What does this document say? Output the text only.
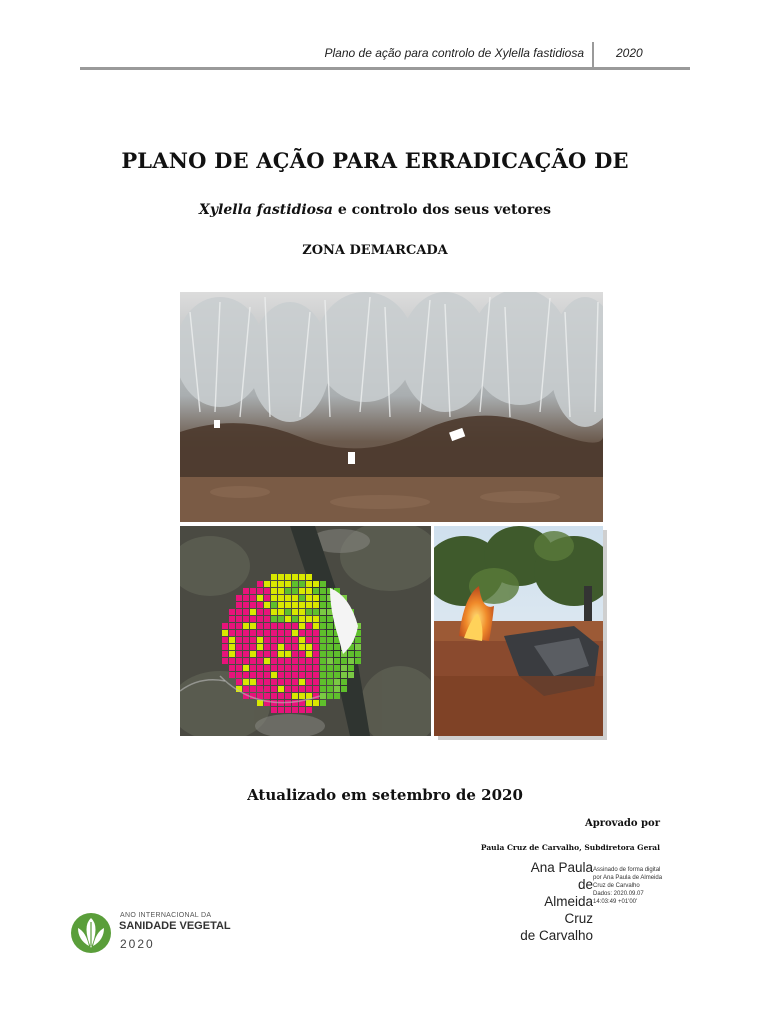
Plano de ação para controlo de Xylella fastidiosa	2020
PLANO DE AÇÃO PARA ERRADICAÇÃO DE
Xylella fastidiosa e controlo dos seus vetores
ZONA DEMARCADA
Atualizado em setembro de 2020
Aprovado por
Paula Cruz de Carvalho, Subdiretora Geral
Ana Paula de
Almeida Cruz
de Carvalho
Assinado de forma digital
por Ana Paula de Almeida
Cruz de Carvalho
Dados: 2020.09.07
14:03:49 +01'00'
ANO INTERNACIONAL DA
SANIDADE VEGETAL
2020
